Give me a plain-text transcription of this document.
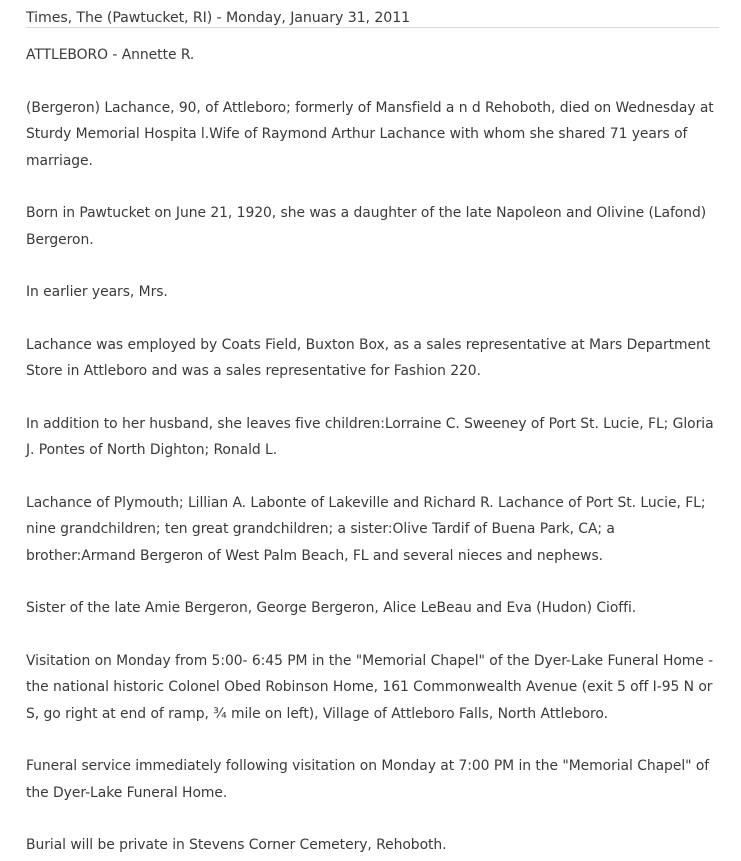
Times, The (Pawtucket, RI) - Monday, January 31, 2011

ATTLEBORO - Annette R.

(Bergeron) Lachance, 90, of Attleboro; formerly of Mansfield a n d Rehoboth, died on Wednesday at Sturdy Memorial Hospita l.Wife of Raymond Arthur Lachance with whom she shared 71 years of marriage.

Born in Pawtucket on June 21, 1920, she was a daughter of the late Napoleon and Olivine (Lafond) Bergeron.

In earlier years, Mrs.

Lachance was employed by Coats Field, Buxton Box, as a sales representative at Mars Department Store in Attleboro and was a sales representative for Fashion 220.

In addition to her husband, she leaves five children:Lorraine C. Sweeney of Port St. Lucie, FL; Gloria J. Pontes of North Dighton; Ronald L.

Lachance of Plymouth; Lillian A. Labonte of Lakeville and Richard R. Lachance of Port St. Lucie, FL; nine grandchildren; ten great grandchildren; a sister:Olive Tardif of Buena Park, CA; a brother:Armand Bergeron of West Palm Beach, FL and several nieces and nephews.

Sister of the late Amie Bergeron, George Bergeron, Alice LeBeau and Eva (Hudon) Cioffi.

Visitation on Monday from 5:00- 6:45 PM in the "Memorial Chapel" of the Dyer-Lake Funeral Home - the national historic Colonel Obed Robinson Home, 161 Commonwealth Avenue (exit 5 off I-95 N or S, go right at end of ramp, ¾ mile on left), Village of Attleboro Falls, North Attleboro.

Funeral service immediately following visitation on Monday at 7:00 PM in the "Memorial Chapel" of the Dyer-Lake Funeral Home.

Burial will be private in Stevens Corner Cemetery, Rehoboth.
